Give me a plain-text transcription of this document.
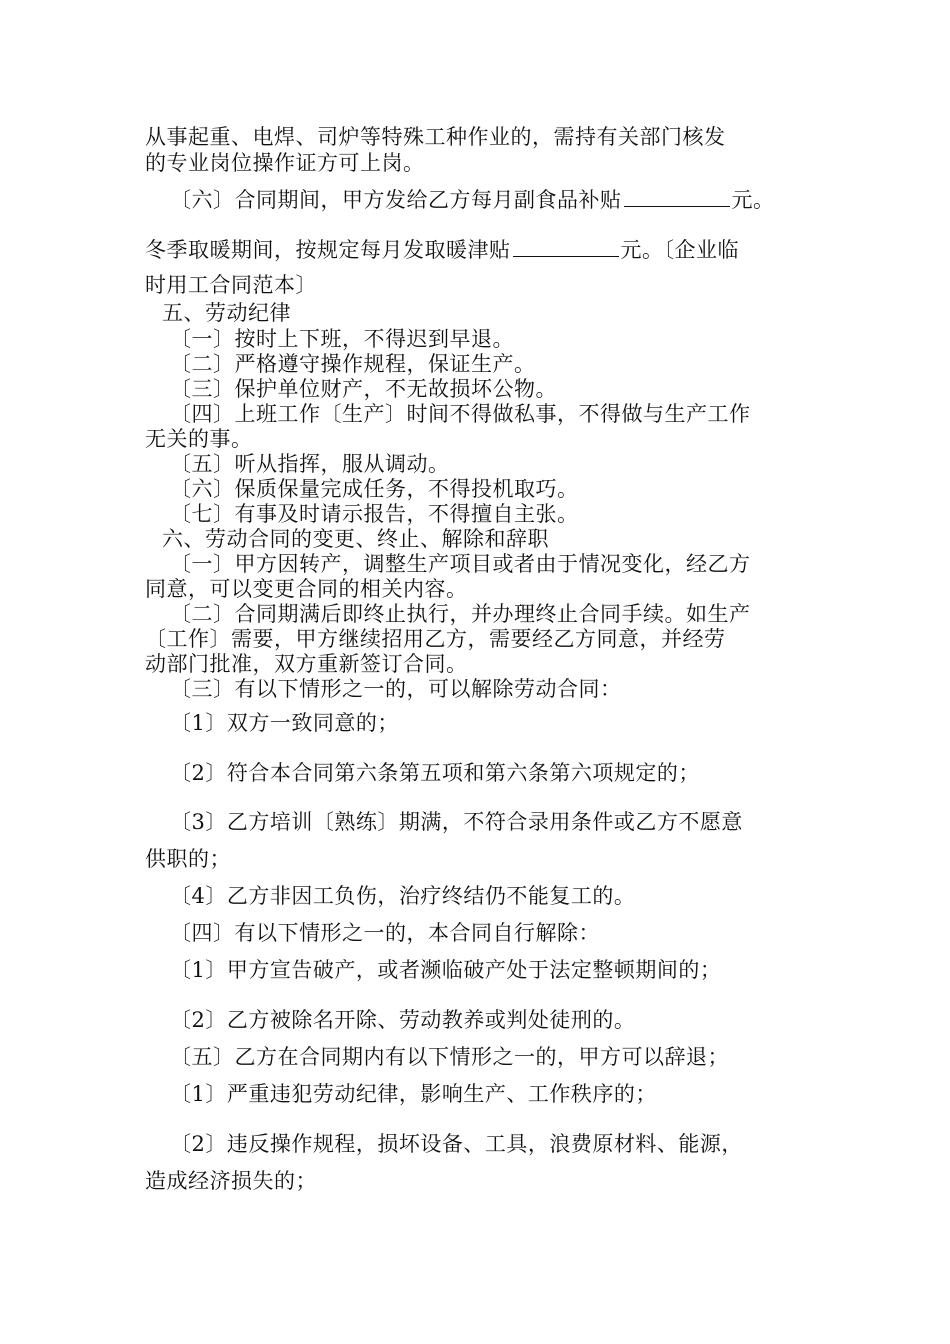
从事起重、电焊、司炉等特殊工种作业的，需持有关部门核发

的专业岗位操作证方可上岗。

〔六〕合同期间，甲方发给乙方每月副食品补贴	元。

冬季取暖期间，按规定每月发取暖津贴	元。〔企业临

时用工合同范本〕

五、劳动纪律

〔一〕按时上下班，不得迟到早退。

〔二〕严格遵守操作规程，保证生产。

〔三〕保护单位财产，不无故损坏公物。

〔四〕上班工作〔生产〕时间不得做私事，不得做与生产工作

无关的事。

〔五〕听从指挥，服从调动。

〔六〕保质保量完成任务，不得投机取巧。

〔七〕有事及时请示报告，不得擅自主张。

六、劳动合同的变更、终止、解除和辞职

〔一〕甲方因转产，调整生产项目或者由于情况变化，经乙方

同意，可以变更合同的相关内容。

〔二〕合同期满后即终止执行，并办理终止合同手续。如生产

〔工作〕需要，甲方继续招用乙方，需要经乙方同意，并经劳

动部门批准，双方重新签订合同。

〔三〕有以下情形之一的，可以解除劳动合同：

〔1〕双方一致同意的；

〔2〕符合本合同第六条第五项和第六条第六项规定的；

〔3〕乙方培训〔熟练〕期满，不符合录用条件或乙方不愿意

供职的；

〔4〕乙方非因工负伤，治疗终结仍不能复工的。

〔四〕有以下情形之一的，本合同自行解除：

〔1〕甲方宣告破产，或者濒临破产处于法定整顿期间的；

〔2〕乙方被除名开除、劳动教养或判处徒刑的。

〔五〕乙方在合同期内有以下情形之一的，甲方可以辞退；

〔1〕严重违犯劳动纪律，影响生产、工作秩序的；

〔2〕违反操作规程，损坏设备、工具，浪费原材料、能源，

造成经济损失的；
